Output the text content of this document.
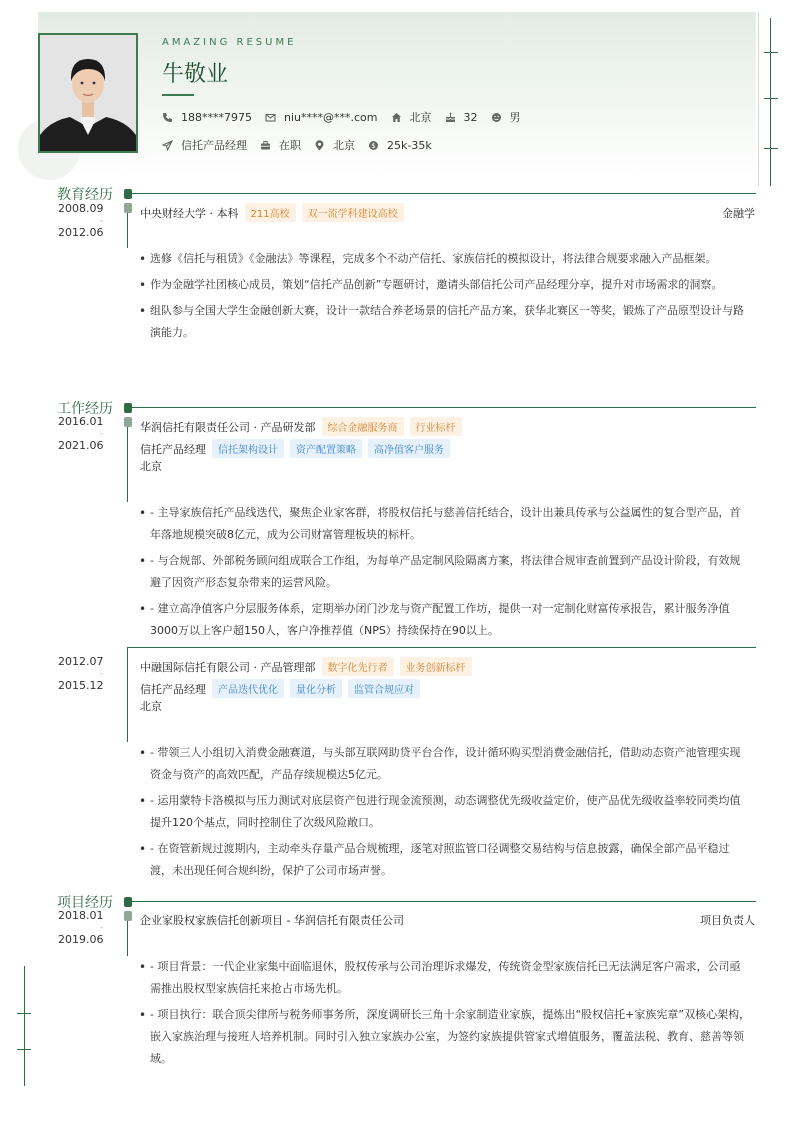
AMAZING RESUME
牛敬业
188****7975	niu****@***.com	北京	32	男
信托产品经理	在职	北京 $ 25k-35k
教育经历
2008.09
-
2012.06
中央财经大学 · 本科	211高校	双一流学科建设高校	金融学
• 选修《信托与租赁》《金融法》等课程，完成多个不动产信托、家族信托的模拟设计，将法律合规要求融入产品框架。
• 作为金融学社团核心成员，策划“信托产品创新”专题研讨，邀请头部信托公司产品经理分享，提升对市场需求的洞察。
• 组队参与全国大学生金融创新大赛，设计一款结合养老场景的信托产品方案，获华北赛区一等奖，锻炼了产品原型设计与路演能力。
工作经历
2016.01
-
2021.06
华润信托有限责任公司 · 产品研发部	综合金融服务商	行业标杆
信托产品经理	信托架构设计	资产配置策略	高净值客户服务
北京
• - 主导家族信托产品线迭代，聚焦企业家客群，将股权信托与慈善信托结合，设计出兼具传承与公益属性的复合型产品，首年落地规模突破8亿元，成为公司财富管理板块的标杆。
• - 与合规部、外部税务顾问组成联合工作组，为每单产品定制风险隔离方案，将法律合规审查前置到产品设计阶段，有效规避了因资产形态复杂带来的运营风险。
• - 建立高净值客户分层服务体系，定期举办闭门沙龙与资产配置工作坊，提供一对一定制化财富传承报告，累计服务净值3000万以上客户超150人，客户净推荐值（NPS）持续保持在90以上。
2012.07
-
2015.12
中融国际信托有限公司 · 产品管理部	数字化先行者	业务创新标杆
信托产品经理	产品迭代优化	量化分析	监管合规应对
北京
• - 带领三人小组切入消费金融赛道，与头部互联网助贷平台合作，设计循环购买型消费金融信托，借助动态资产池管理实现资金与资产的高效匹配，产品存续规模达5亿元。
• - 运用蒙特卡洛模拟与压力测试对底层资产包进行现金流预测，动态调整优先级收益定价，使产品优先级收益率较同类均值提升120个基点，同时控制住了次级风险敞口。
• - 在资管新规过渡期内，主动牵头存量产品合规梳理，逐笔对照监管口径调整交易结构与信息披露，确保全部产品平稳过渡，未出现任何合规纠纷，保护了公司市场声誉。
项目经历
2018.01
-
2019.06
企业家股权家族信托创新项目 - 华润信托有限责任公司	项目负责人
• - 项目背景：一代企业家集中面临退休，股权传承与公司治理诉求爆发，传统资金型家族信托已无法满足客户需求，公司亟需推出股权型家族信托来抢占市场先机。
• - 项目执行：联合顶尖律所与税务师事务所，深度调研长三角十余家制造业家族，提炼出“股权信托+家族宪章”双核心架构，嵌入家族治理与接班人培养机制。同时引入独立家族办公室，为签约家族提供管家式增值服务，覆盖法税、教育、慈善等领域。
